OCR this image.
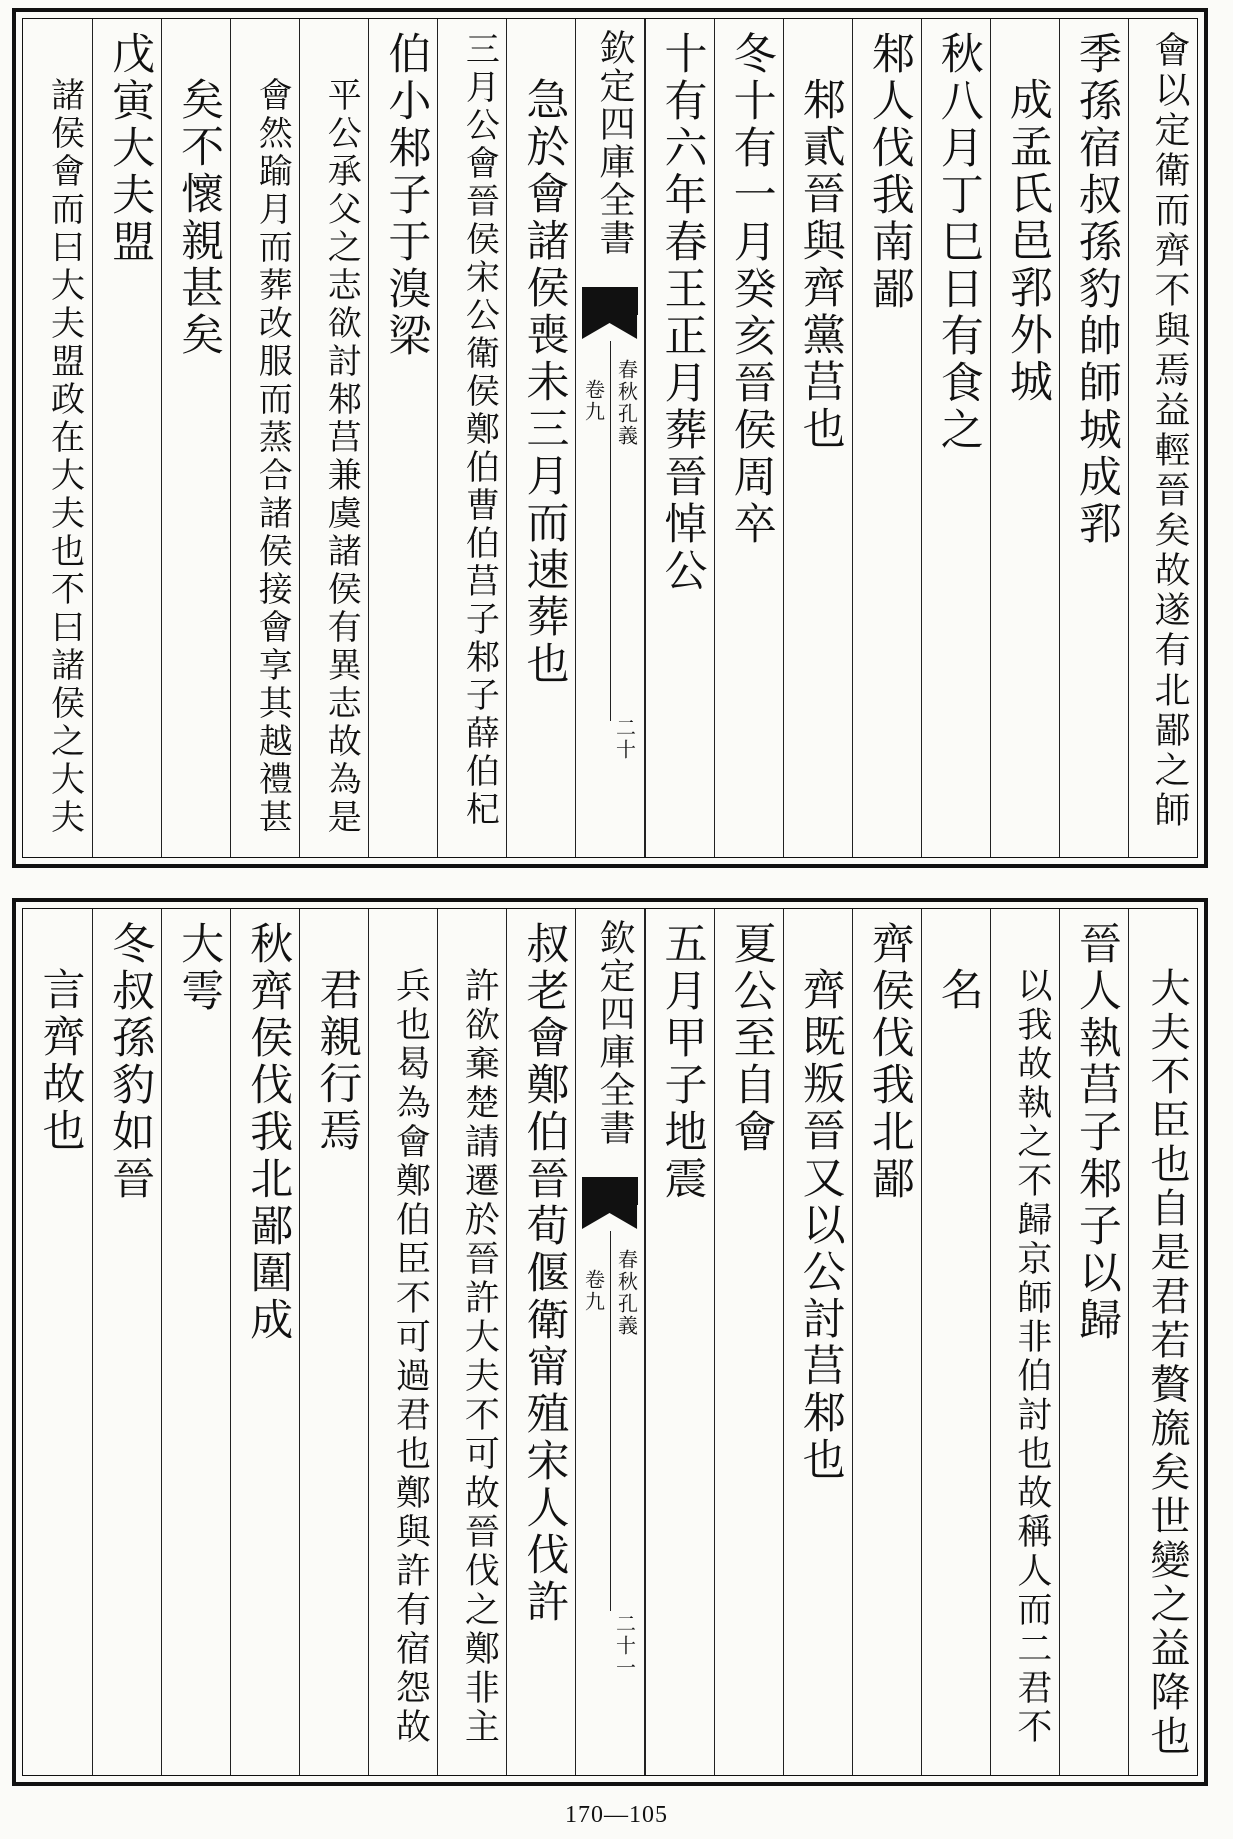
會以定衛而齊不與焉益輕晉矣故遂有北鄙之師
季孫宿叔孫豹帥師城成郛
成孟氏邑郛外城
秋八月丁巳日有食之
邾人伐我南鄙
邾貳晉與齊黨莒也
冬十有一月癸亥晉侯周卒
十有六年春王正月葬晉悼公
欽定四庫全書
春秋孔義
卷九
二十
急於會諸侯喪未三月而速葬也
三月公會晉侯宋公衛侯鄭伯曹伯莒子邾子薛伯杞
伯小邾子于溴梁
平公承父之志欲討邾莒兼虞諸侯有異志故為是
會然踰月而葬改服而蒸合諸侯接會享其越禮甚
矣不懷親甚矣
戊寅大夫盟
諸侯會而曰大夫盟政在大夫也不曰諸侯之大夫
大夫不臣也自是君若贅旒矣世變之益降也
晉人執莒子邾子以歸
以我故執之不歸京師非伯討也故稱人而二君不
名
齊侯伐我北鄙
齊既叛晉又以公討莒邾也
夏公至自會
五月甲子地震
欽定四庫全書
春秋孔義
卷九
二十一
叔老會鄭伯晉荀偃衛甯殖宋人伐許
許欲棄楚請遷於晉許大夫不可故晉伐之鄭非主
兵也曷為會鄭伯臣不可過君也鄭與許有宿怨故
君親行焉
秋齊侯伐我北鄙圍成
大雩
冬叔孫豹如晉
言齊故也
170—105
